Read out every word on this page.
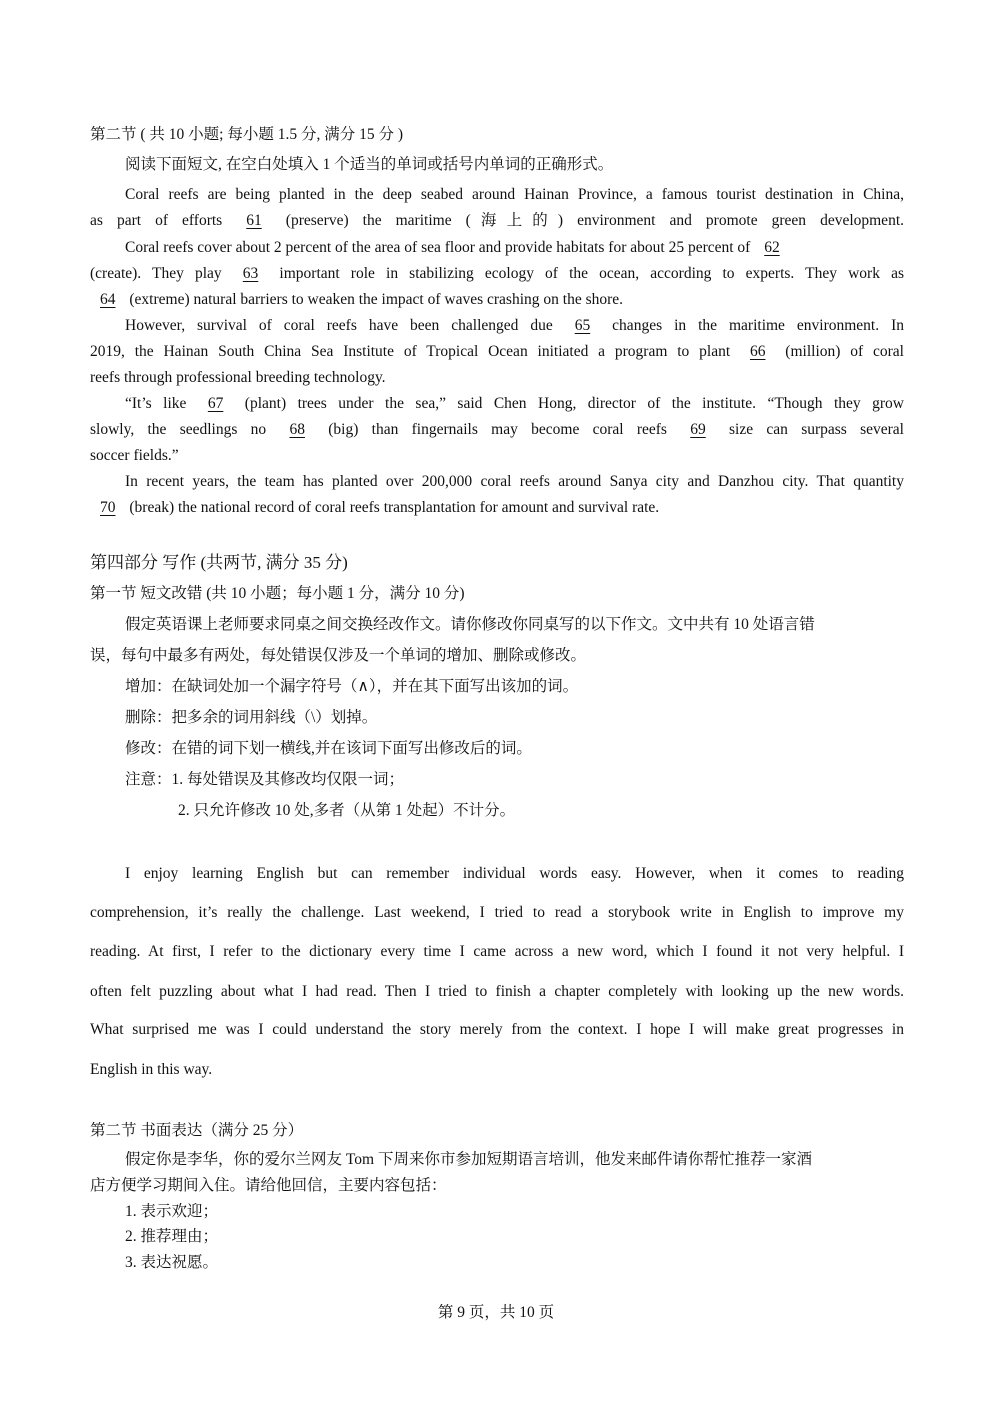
第二节 ( 共 10 小题; 每小题 1.5 分, 满分 15 分 )
阅读下面短文, 在空白处填入 1 个适当的单词或括号内单词的正确形式。
Coral reefs are being planted in the deep seabed around Hainan Province, a famous tourist destination in China,
as part of efforts 61 (preserve) the maritime (海上的) environment and promote green development.
Coral reefs cover about 2 percent of the area of sea floor and provide habitats for about 25 percent of 62
(create). They play 63 important role in stabilizing ecology of the ocean, according to experts. They work as
64 (extreme) natural barriers to weaken the impact of waves crashing on the shore.
However, survival of coral reefs have been challenged due 65 changes in the maritime environment. In
2019, the Hainan South China Sea Institute of Tropical Ocean initiated a program to plant 66 (million) of coral
reefs through professional breeding technology.
“It’s like 67 (plant) trees under the sea,” said Chen Hong, director of the institute. “Though they grow
slowly, the seedlings no 68 (big) than fingernails may become coral reefs 69 size can surpass several
soccer fields.”
In recent years, the team has planted over 200,000 coral reefs around Sanya city and Danzhou city. That quantity
70 (break) the national record of coral reefs transplantation for amount and survival rate.
第四部分 写作 (共两节, 满分 35 分)
第一节 短文改错 (共 10 小题；每小题 1 分，满分 10 分)
假定英语课上老师要求同桌之间交换经改作文。请你修改你同桌写的以下作文。文中共有 10 处语言错
误，每句中最多有两处，每处错误仅涉及一个单词的增加、删除或修改。
增加：在缺词处加一个漏字符号（∧），并在其下面写出该加的词。
删除：把多余的词用斜线（\）划掉。
修改：在错的词下划一横线,并在该词下面写出修改后的词。
注意：1. 每处错误及其修改均仅限一词；
2. 只允许修改 10 处,多者（从第 1 处起）不计分。
I enjoy learning English but can remember individual words easy. However, when it comes to reading
comprehension, it’s really the challenge. Last weekend, I tried to read a storybook write in English to improve my
reading. At first, I refer to the dictionary every time I came across a new word, which I found it not very helpful. I
often felt puzzling about what I had read. Then I tried to finish a chapter completely with looking up the new words.
What surprised me was I could understand the story merely from the context. I hope I will make great progresses in
English in this way.
第二节 书面表达（满分 25 分）
假定你是李华，你的爱尔兰网友 Tom 下周来你市参加短期语言培训，他发来邮件请你帮忙推荐一家酒
店方便学习期间入住。请给他回信，主要内容包括：
1. 表示欢迎；
2. 推荐理由；
3. 表达祝愿。
第 9 页，共 10 页
